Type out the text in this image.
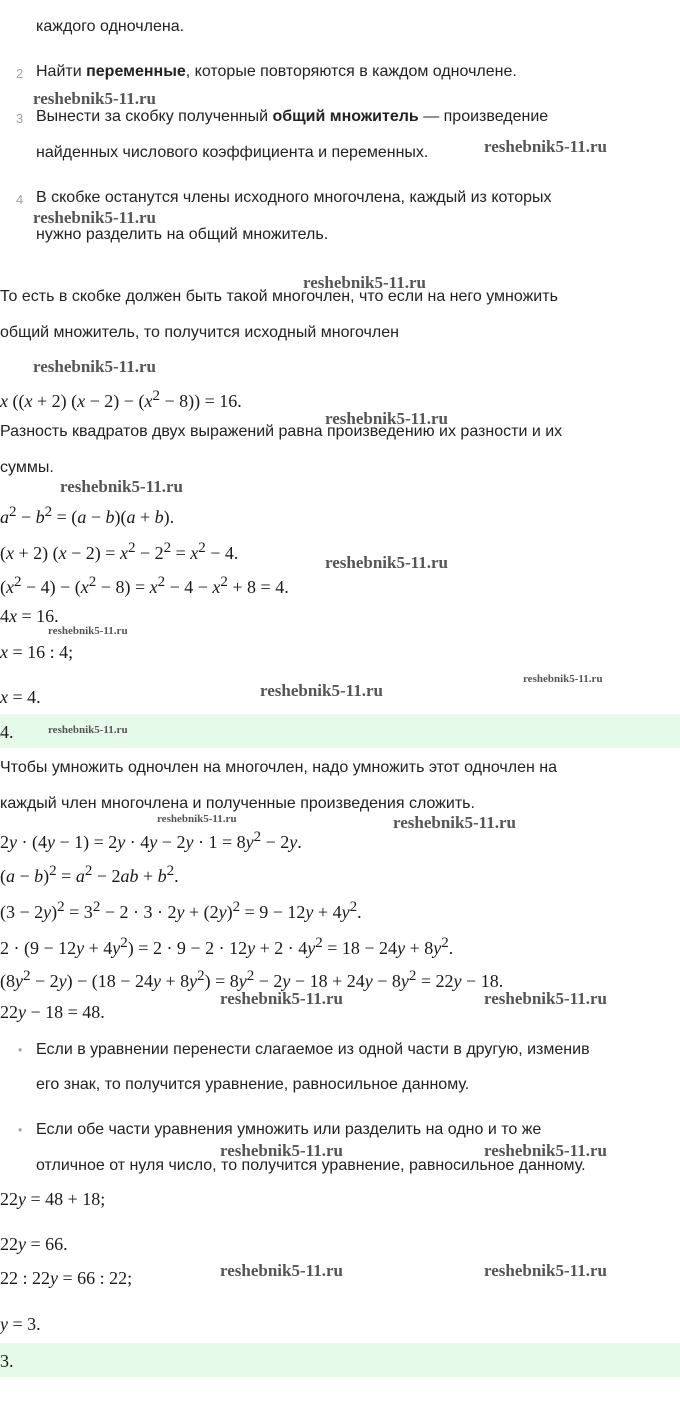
каждого одночлена.
2 Найти переменные, которые повторяются в каждом одночлене.
3 Вынести за скобку полученный общий множитель — произведение
найденных числового коэффициента и переменных.
4 В скобке останутся члены исходного многочлена, каждый из которых
нужно разделить на общий множитель.
То есть в скобке должен быть такой многочлен, что если на него умножить
общий множитель, то получится исходный многочлен
x ((x + 2) $(x - 2) - (x^2 - 8)) = 16$.
Разность квадратов двух выражений равна произведению их разности и их
суммы.
$a^2 - b^2 = (a - b)(a + b)$.
(x + 2) $(x - 2) = x^2 - 2^2 = x^2 - 4$.
$(x^2 - 4) - (x^2 - 8) = x^2 - 4 - x^2 + 8 = 4$.
4x = 16.
x = 16 : 4;
x = 4.
4.
Чтобы умножить одночлен на многочлен, надо умножить этот одночлен на
каждый член многочлена и полученные произведения сложить.
$2y \cdot (4y - 1) = 2y \cdot 4y - 2y \cdot 1 = 8y^2 - 2y$.
$(a - b)^2 = a^2 - 2ab + b^2$.
$(3 - 2y)^2 = 3^2 - 2 \cdot 3 \cdot 2y + (2y)^2 = 9 - 12y + 4y^2$.
$2 \cdot (9 - 12y + 4y^2) = 2 \cdot 9 - 2 \cdot 12y + 2 \cdot 4y^2 = 18 - 24y + 8y^2$.
$(8y^2 - 2y) - (18 - 24y + 8y^2) = 8y^2 - 2y - 18 + 24y - 8y^2 = 22y - 18$.
22y − 18 = 48.
• Если в уравнении перенести слагаемое из одной части в другую, изменив
его знак, то получится уравнение, равносильное данному.
• Если обе части уравнения умножить или разделить на одно и то же
отличное от нуля число, то получится уравнение, равносильное данному.
22y = 48 + 18;
22y = 66.
22 : 22y = 66 : 22;
y = 3.
3.
reshebnik5-11.ru
reshebnik5-11.ru
reshebnik5-11.ru
reshebnik5-11.ru
reshebnik5-11.ru
reshebnik5-11.ru
reshebnik5-11.ru
reshebnik5-11.ru
reshebnik5-11.ru
reshebnik5-11.ru
reshebnik5-11.ru
reshebnik5-11.ru
reshebnik5-11.ru	reshebnik5-11.ru
reshebnik5-11.ru	reshebnik5-11.ru
reshebnik5-11.ru	reshebnik5-11.ru
reshebnik5-11.ru	reshebnik5-11.ru
